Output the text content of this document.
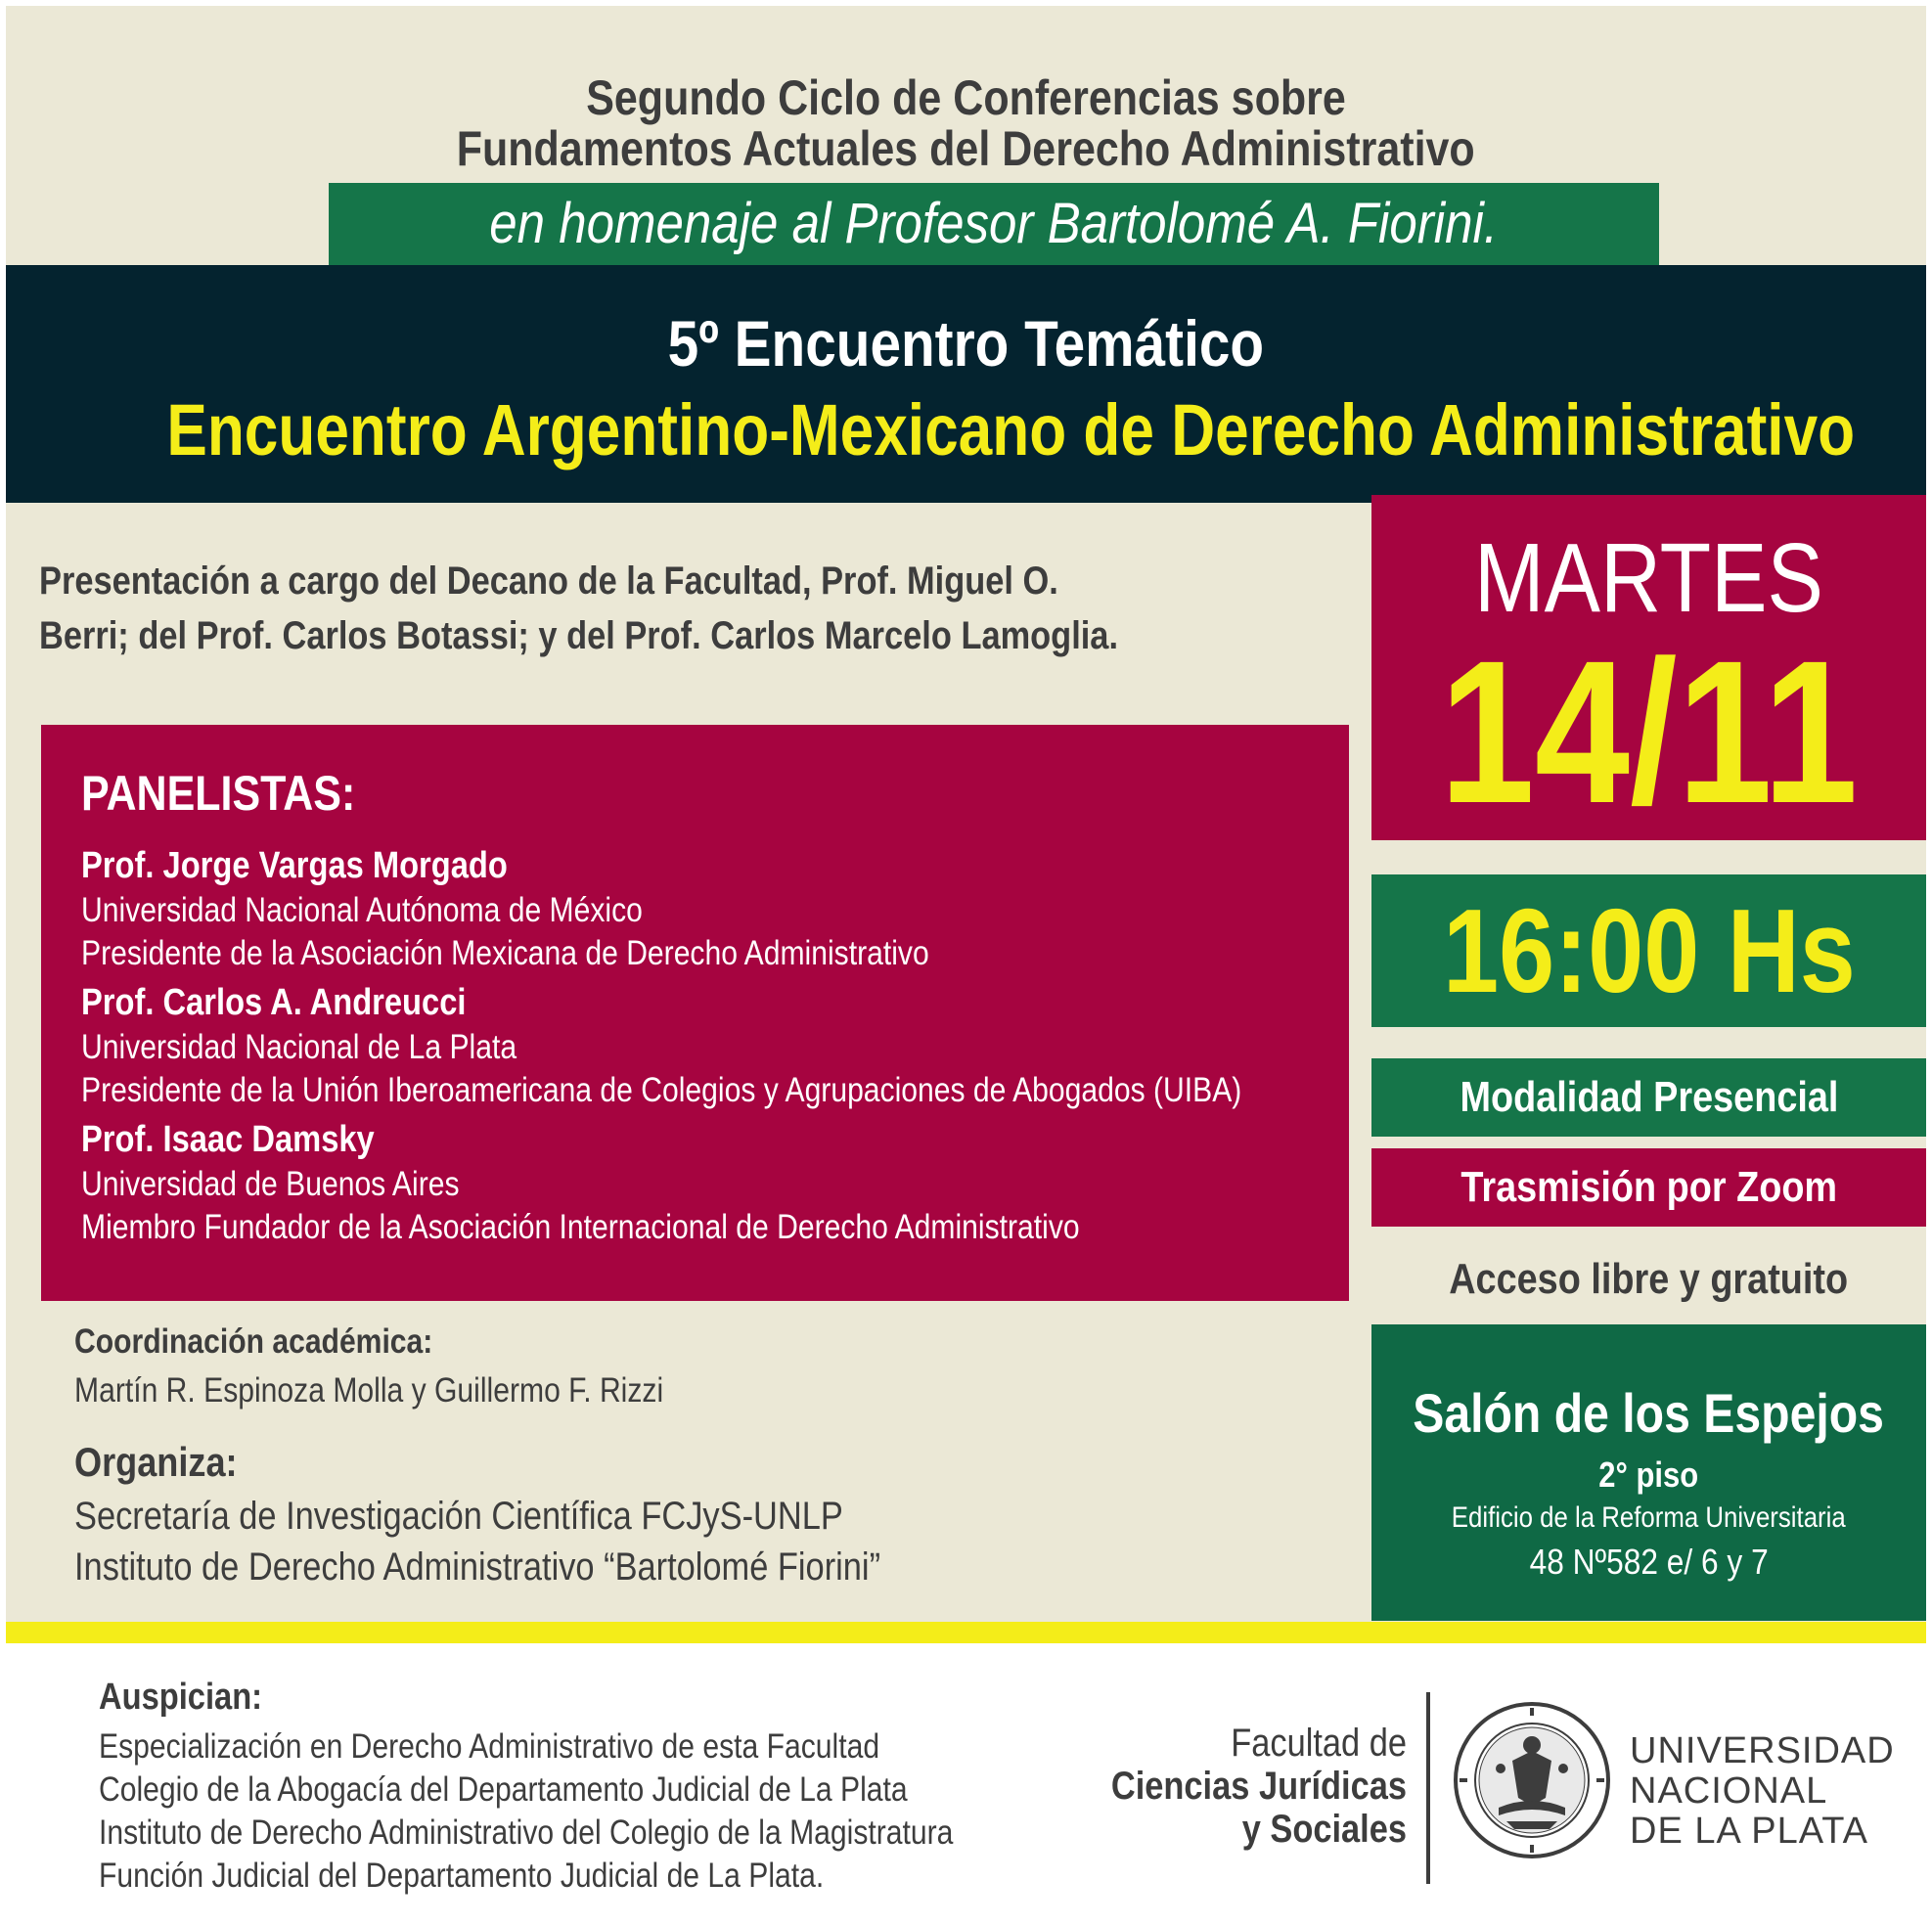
Segundo Ciclo de Conferencias sobre
Fundamentos Actuales del Derecho Administrativo
en homenaje al Profesor Bartolomé A. Fiorini.
5º Encuentro Temático
Encuentro Argentino-Mexicano de Derecho Administrativo
Presentación a cargo del Decano de la Facultad, Prof. Miguel O.
Berri; del Prof. Carlos Botassi; y del Prof. Carlos Marcelo Lamoglia.
PANELISTAS:
Prof. Jorge Vargas Morgado
Universidad Nacional Autónoma de México
Presidente de la Asociación Mexicana de Derecho Administrativo
Prof. Carlos A. Andreucci
Universidad Nacional de La Plata
Presidente de la Unión Iberoamericana de Colegios y Agrupaciones de Abogados (UIBA)
Prof. Isaac Damsky
Universidad de Buenos Aires
Miembro Fundador de la Asociación Internacional de Derecho Administrativo
Coordinación académica:
Martín R. Espinoza Molla y Guillermo F. Rizzi
Organiza:
Secretaría de Investigación Científica FCJyS-UNLP
Instituto de Derecho Administrativo “Bartolomé Fiorini”
MARTES
14/11
16:00 Hs
Modalidad Presencial
Trasmisión por Zoom
Acceso libre y gratuito
Salón de los Espejos
2° piso
Edificio de la Reforma Universitaria
48 Nº582 e/ 6 y 7
Auspician:
Especialización en Derecho Administrativo de esta Facultad
Colegio de la Abogacía del Departamento Judicial de La Plata
Instituto de Derecho Administrativo del Colegio de la Magistratura
Función Judicial del Departamento Judicial de La Plata.
Facultad de
Ciencias Jurídicas
y Sociales
UNIVERSIDAD
NACIONAL
DE LA PLATA
